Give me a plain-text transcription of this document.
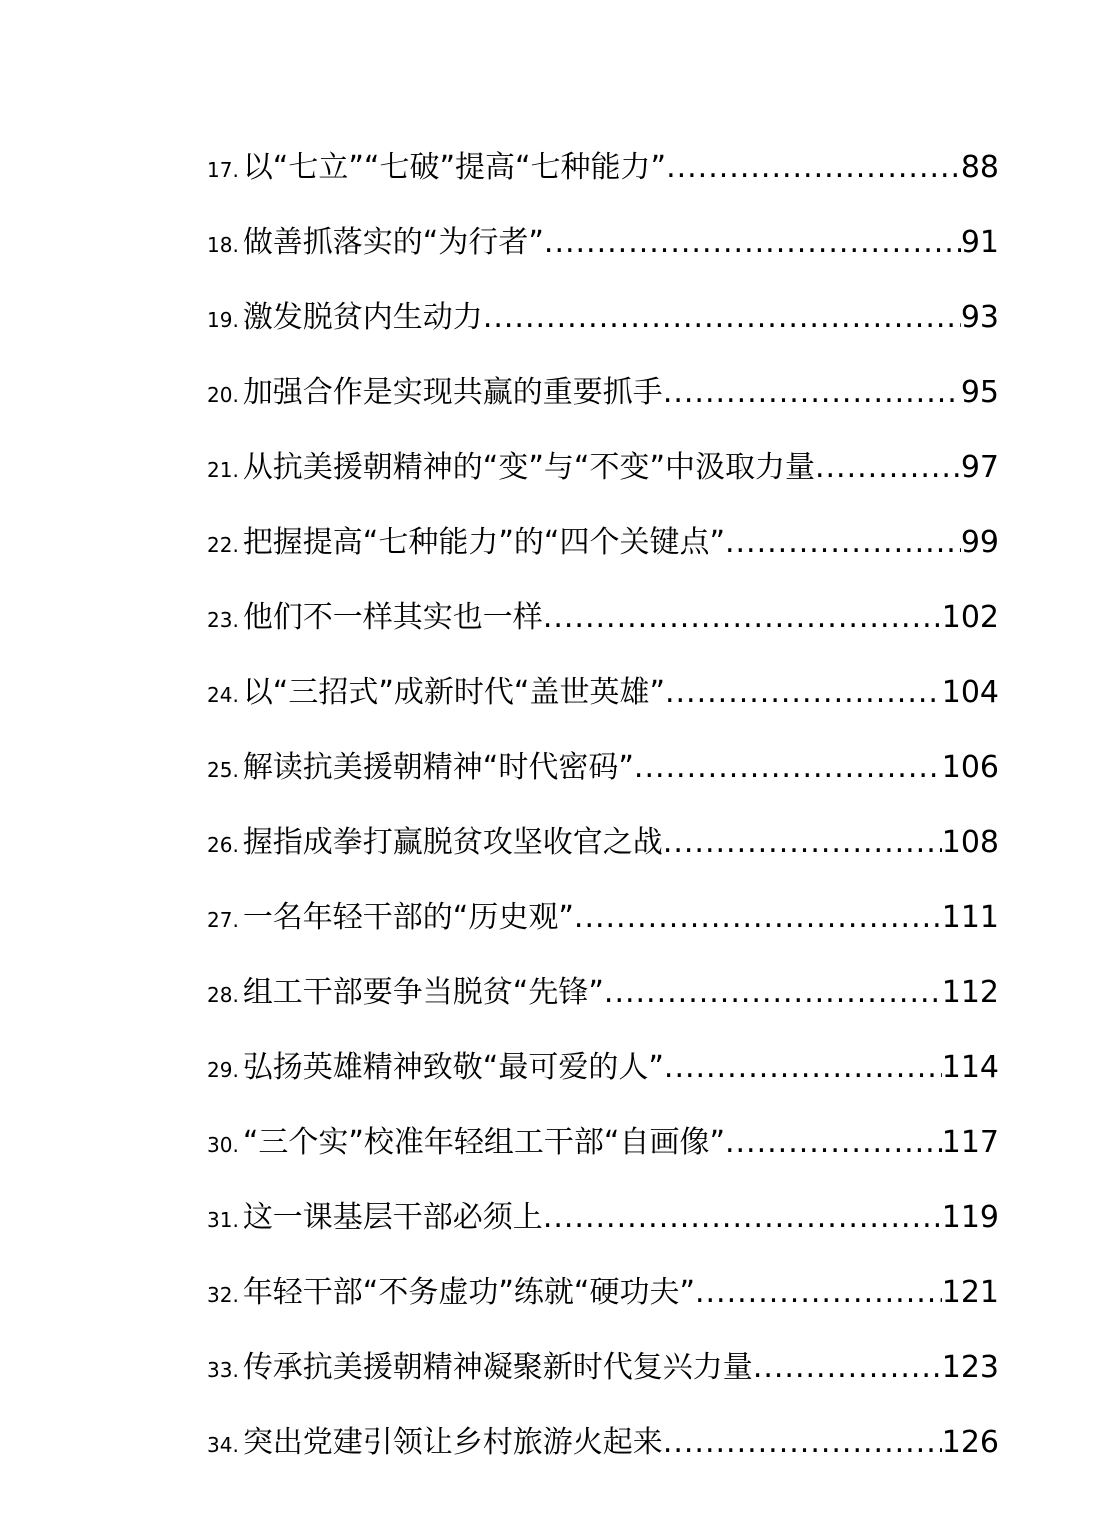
17. 以“七立”“七破”提高“七种能力” .....	88
18. 做善抓落实的“为行者” .....	91
19. 激发脱贫内生动力 .....	93
20. 加强合作是实现共赢的重要抓手 .....	95
21. 从抗美援朝精神的“变”与“不变”中汲取力量 .....	97
22. 把握提高“七种能力”的“四个关键点” .....	99
23. 他们不一样其实也一样 .....	102
24. 以“三招式”成新时代“盖世英雄” .....	104
25. 解读抗美援朝精神“时代密码” .....	106
26. 握指成拳打赢脱贫攻坚收官之战 .....	108
27. 一名年轻干部的“历史观” .....	111
28. 组工干部要争当脱贫“先锋” .....	112
29. 弘扬英雄精神致敬“最可爱的人” .....	114
30. “三个实”校准年轻组工干部“自画像” .....	117
31. 这一课基层干部必须上 .....	119
32. 年轻干部“不务虚功”练就“硬功夫” .....	121
33. 传承抗美援朝精神凝聚新时代复兴力量 .....	123
34. 突出党建引领让乡村旅游火起来 .....	126
